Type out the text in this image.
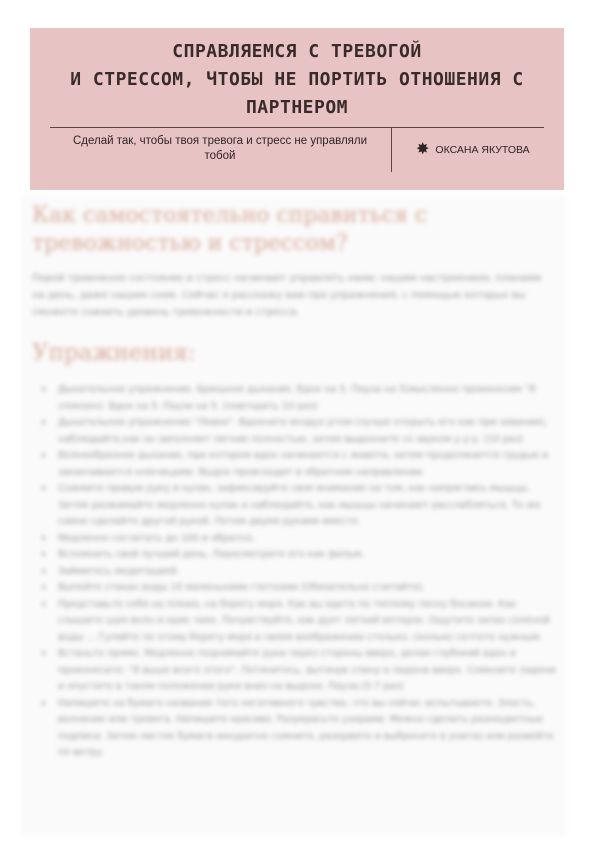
СПРАВЛЯЕМСЯ С ТРЕВОГОЙ
И СТРЕССОМ, ЧТОБЫ НЕ ПОРТИТЬ ОТНОШЕНИЯ С
ПАРТНЕРОМ
Сделай так, чтобы твоя тревога и стресс не управляли тобой	✸ ОКСАНА ЯКУТОВА
Как самостоятельно справиться с тревожностью и стрессом?
Порой тревожное состояние и стресс начинают управлять нами: нашим настроением, планами на день, даже нашим сном. Сейчас я расскажу вам про упражнения, с помощью которых вы сможете снизить уровень тревожности и стресса.
Упражнения:
♦ Дыхательное упражнение. Брюшное дыхание. Вдох на 5. Пауза на 5(мысленно произносим "Я спокоен). Вдох на 5. Пауза на 5. (повторить 10 раз)
♦ Дыхательное упражнение "Левое". Вдохните воздух ртом (лучше открыть его как при зевании), наблюдайте,как он заполняет легкие полностью, затем выдохните со звуком у-у-у. (10 раз)
♦ Волнообразное дыхание, при котором вдох начинается с живота, затем продолжается грудью и заканчивается ключицами. Выдох происходит в обратном направлении.
♦ Сожмите правую руку в кулак, зафиксируйте свое внимание на том, как напряглись мышцы. Затем разжимайте медленно кулак и наблюдайте, как мышцы начинают расслабляться. То же самое сделайте другой рукой. Потом двумя руками вместе.
♦ Медленно сосчитать до 100 и обратно.
♦ Вспомнить свой лучший день. Пересмотрите его как фильм.
♦ Займитесь медитацией.
♦ Выпейте стакан воды 10 маленькими глотками (Обязательно считайте).
♦ Представьте себя на пляже, на берегу моря. Как вы идете по теплому песку босиком. Как слышите шум волн и крик чаек. Почувствуйте, как дует легкий ветерок. Ощутите запах соленой воды ... Гуляйте по этому берегу моря в своем воображении столько, сколько сочтете нужным.
♦ Встаньте прямо. Медленно поднимайте руки через стороны вверх, делая глубокий вдох и произнесите: "Я выше всего этого". Потянитесь, вытянув спину и ладони вверх. Сомкните ладони и опустите в таком положении руки вниз на выдохе. Пауза.(5-7 раз)
♦ Напишите на бумаге название того негативного чувства, что вы сейчас испытываете. Злость, волнение или тревога. Напишите красиво. Разукрасьте узорами. Можно сделать разноцветные подписи. Затем листок бумаги аккуратно сомните, разорвите и выбросите в унитаз или развейте по ветру.
